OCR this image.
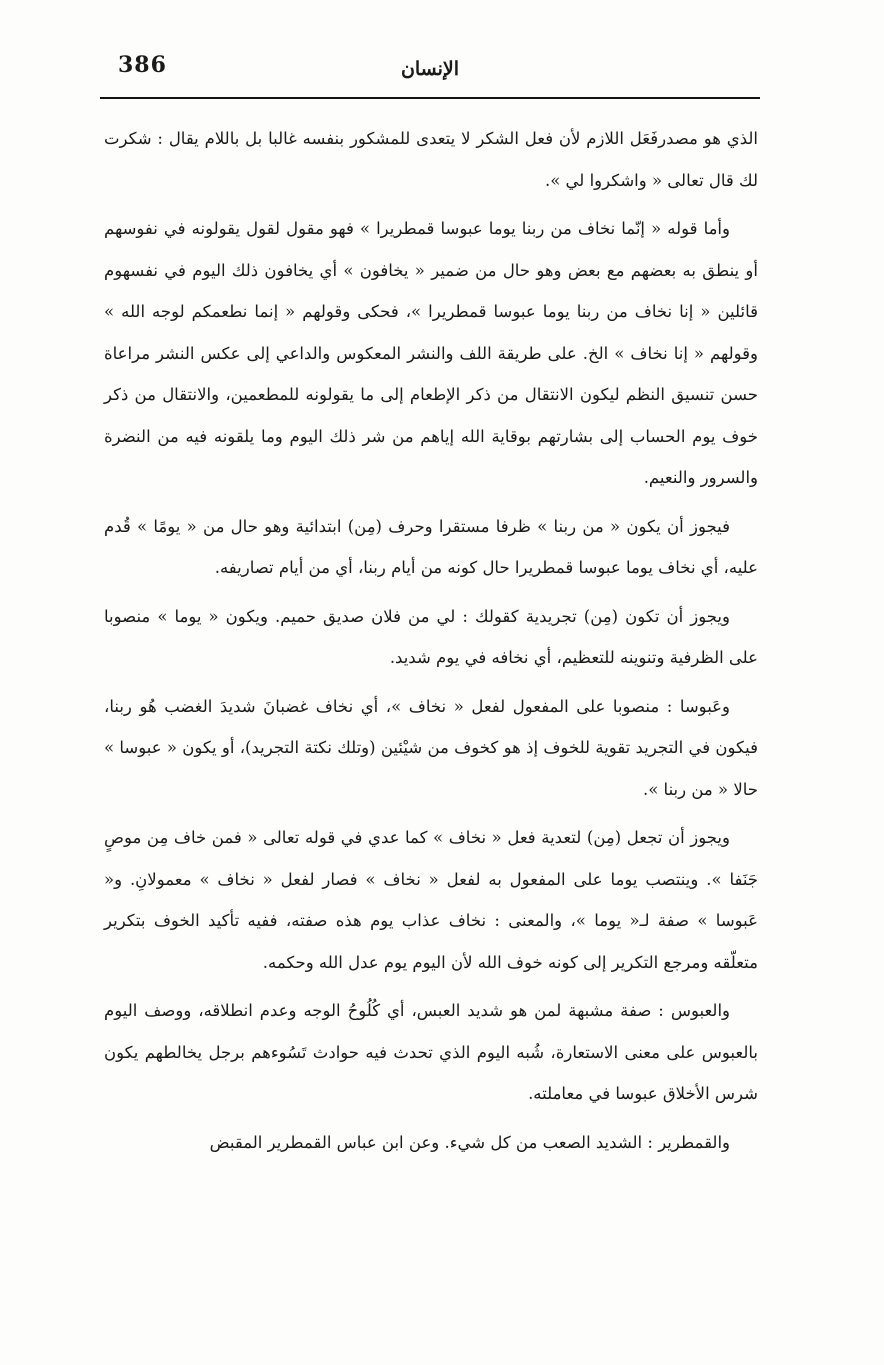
386	الإنسان

الذي هو مصدرفَعَل اللازم لأن فعل الشكر لا يتعدى للمشكور بنفسه غالبا بل باللام يقال : شكرت لك قال تعالى « واشكروا لي ».

وأما قوله « إنّما نخاف من ربنا يوما عبوسا قمطريرا » فهو مقول لقول يقولونه في نفوسهم أو ينطق به بعضهم مع بعض وهو حال من ضمير « يخافون » أي يخافون ذلك اليوم في نفسهوم قائلين « إنا نخاف من ربنا يوما عبوسا قمطريرا »، فحكى وقولهم « إنما نطعمكم لوجه الله » وقولهم « إنا نخاف » الخ. على طريقة اللف والنشر المعكوس والداعي إلى عكس النشر مراعاة حسن تنسيق النظم ليكون الانتقال من ذكر الإطعام إلى ما يقولونه للمطعمين، والانتقال من ذكر خوف يوم الحساب إلى بشارتهم بوقاية الله إياهم من شر ذلك اليوم وما يلقونه فيه من النضرة والسرور والنعيم.

فيجوز أن يكون « من ربنا » ظرفا مستقرا وحرف (مِن) ابتدائية وهو حال من « يومًا » قُدم عليه، أي نخاف يوما عبوسا قمطريرا حال كونه من أيام ربنا، أي من أيام تصاريفه.

ويجوز أن تكون (مِن) تجريدية كقولك : لي من فلان صديق حميم. ويكون « يوما » منصوبا على الظرفية وتنوينه للتعظيم، أي نخافه في يوم شديد.

وعَبوسا : منصوبا على المفعول لفعل « نخاف »، أي نخاف غضبانَ شديدَ الغضب هُو ربنا، فيكون في التجريد تقوية للخوف إذ هو كخوف من شيْئين (وتلك نكتة التجريد)، أو يكون « عبوسا » حالا « من ربنا ».

ويجوز أن تجعل (مِن) لتعدية فعل « نخاف » كما عدي في قوله تعالى « فمن خاف مِن موصٍ جَنَفا ». وينتصب يوما على المفعول به لفعل « نخاف » فصار لفعل « نخاف » معمولانِ. و« عَبوسا » صفة لـ« يوما »، والمعنى : نخاف عذاب يوم هذه صفته، ففيه تأكيد الخوف بتكرير متعلّقه ومرجع التكرير إلى كونه خوف الله لأن اليوم يوم عدل الله وحكمه.

والعبوس : صفة مشبهة لمن هو شديد العبس، أي كُلُوحُ الوجه وعدم انطلاقه، ووصف اليوم بالعبوس على معنى الاستعارة، شُبه اليوم الذي تحدث فيه حوادث تَسُوءهم برجل يخالطهم يكون شرس الأخلاق عبوسا في معاملته.

والقمطرير : الشديد الصعب من كل شيء. وعن ابن عباس القمطرير المقبض
